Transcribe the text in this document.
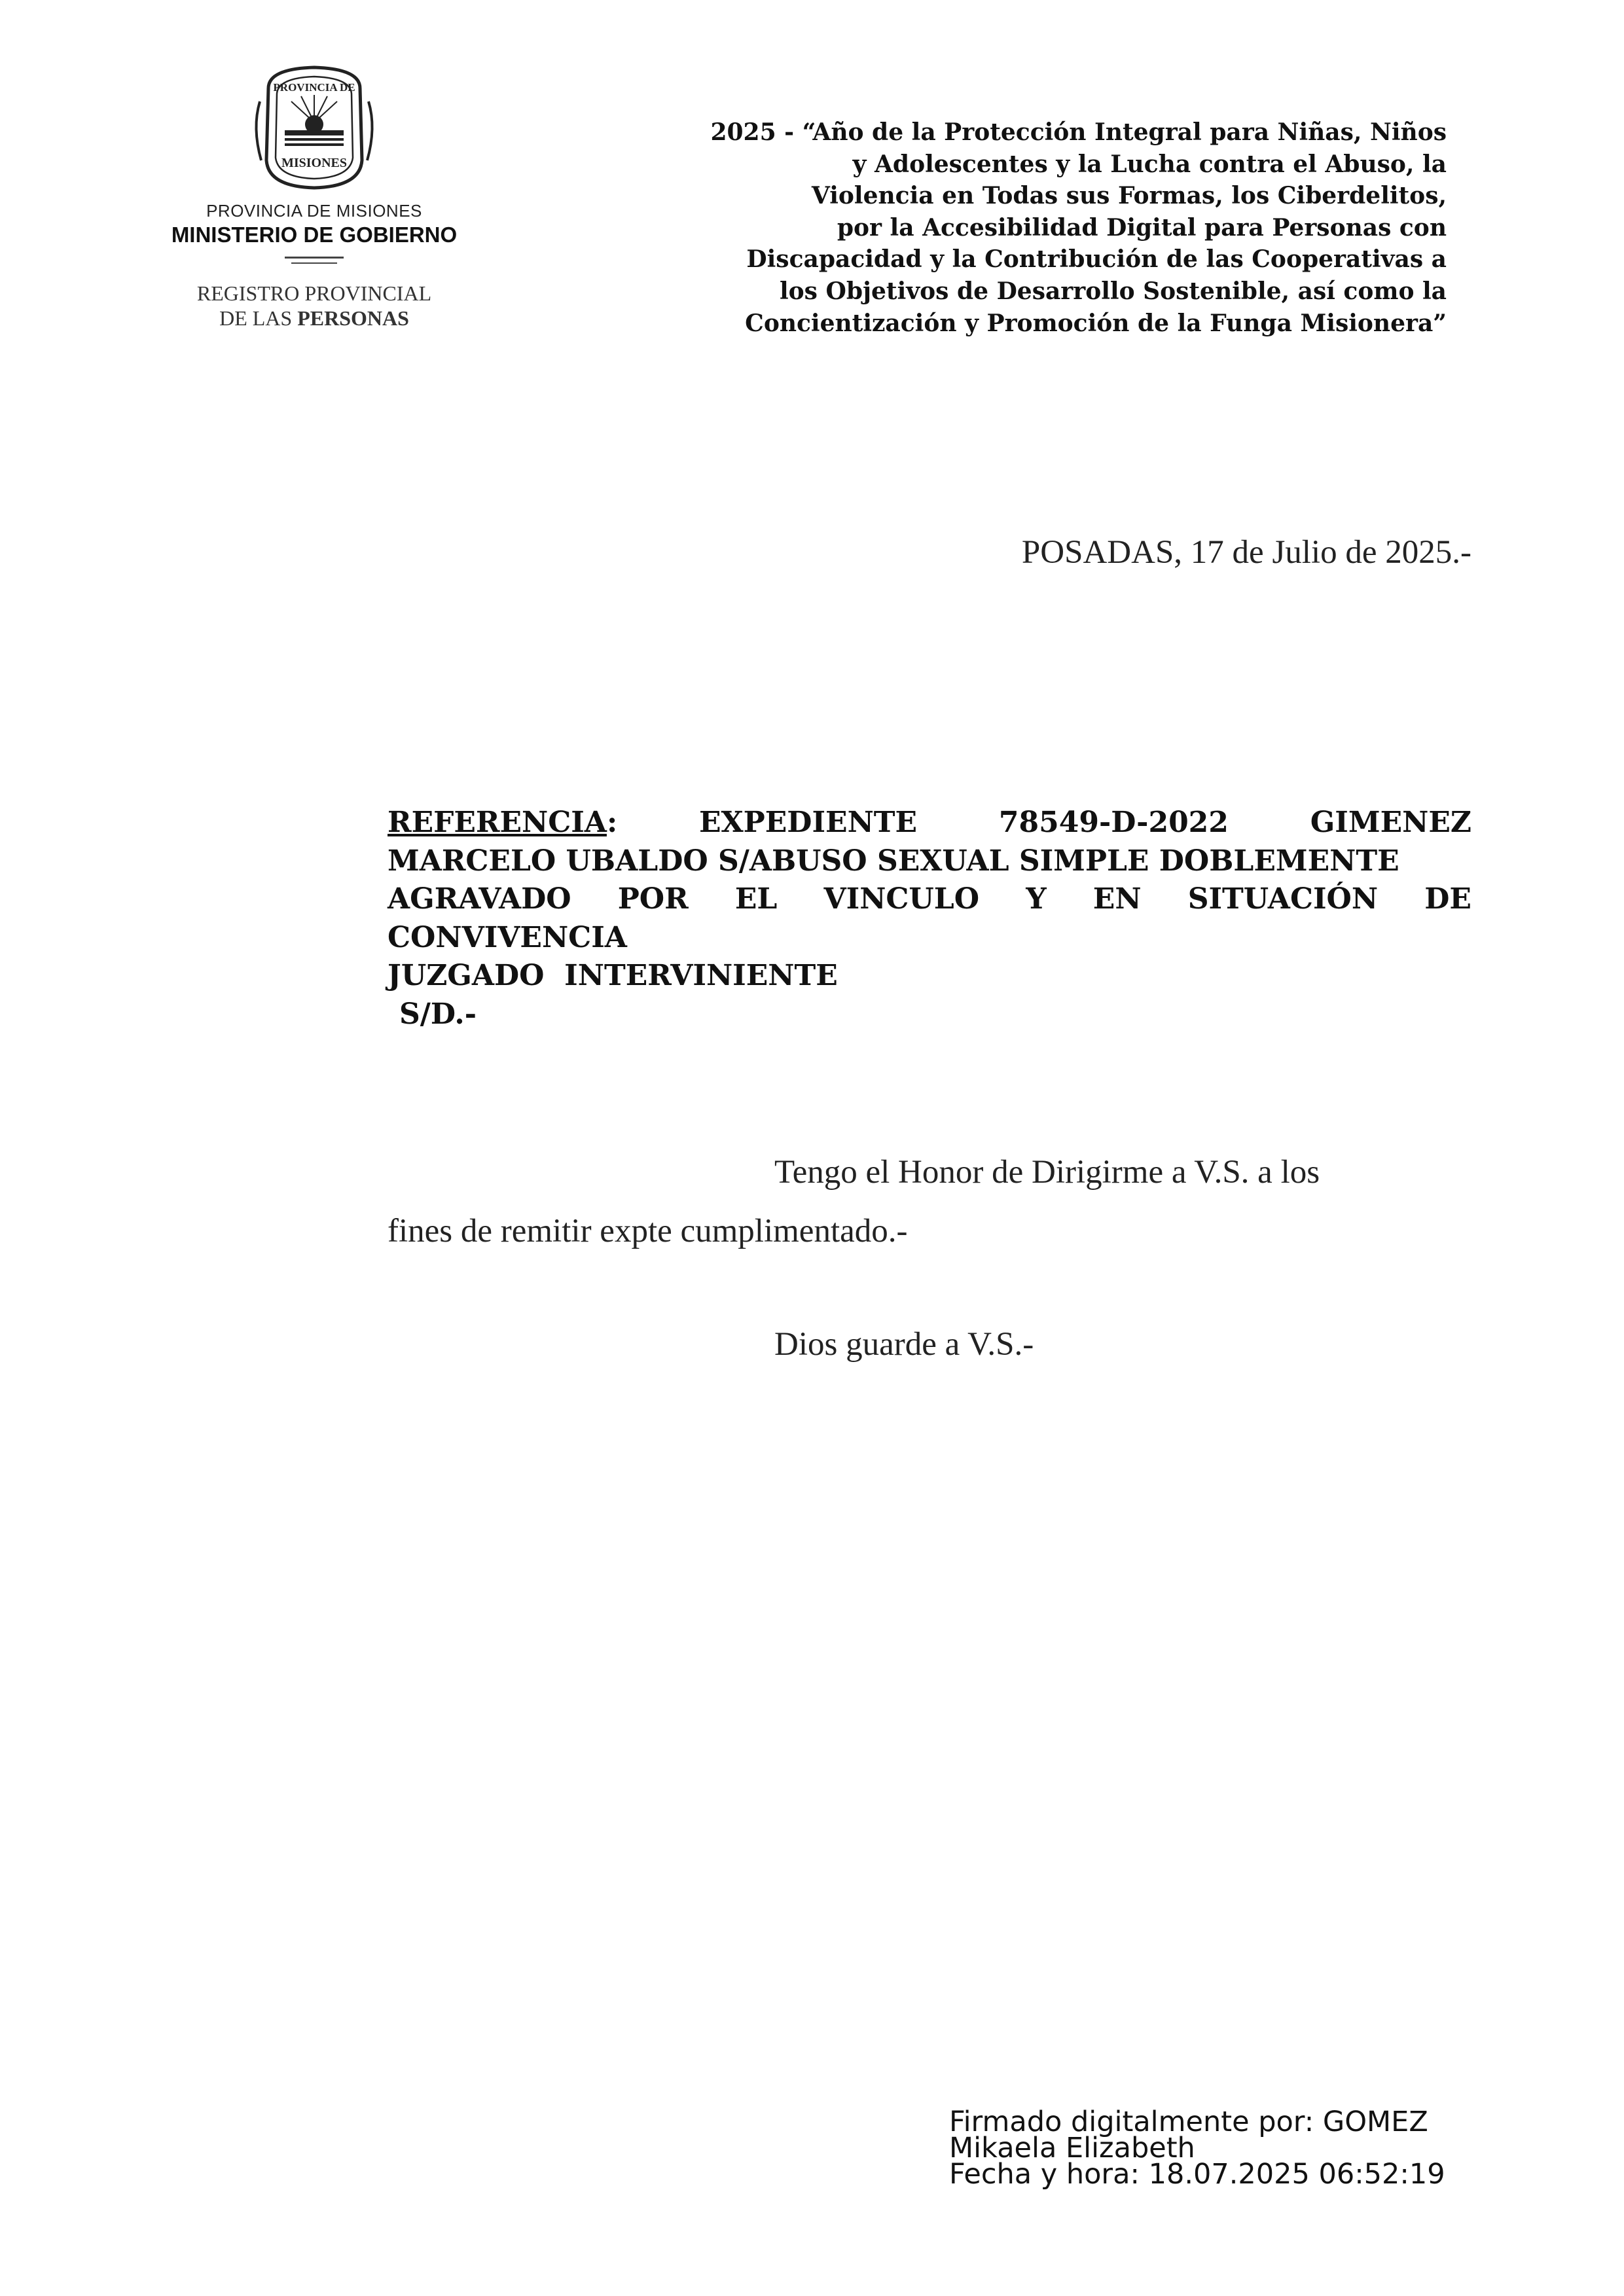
PROVINCIA DE
MISIONES
PROVINCIA DE MISIONES
MINISTERIO DE GOBIERNO
REGISTRO PROVINCIAL
DE LAS PERSONAS
2025 - “Año de la Protección Integral para Niñas, Niños
y Adolescentes y la Lucha contra el Abuso, la
Violencia en Todas sus Formas, los Ciberdelitos,
por la Accesibilidad Digital para Personas con
Discapacidad y la Contribución de las Cooperativas a
los Objetivos de Desarrollo Sostenible, así como la
Concientización y Promoción de la Funga Misionera”
POSADAS, 17 de Julio de 2025.-
REFERENCIA:	EXPEDIENTE	78549-D-2022	GIMENEZ
MARCELO UBALDO S/ABUSO SEXUAL SIMPLE DOBLEMENTE
AGRAVADO POR EL VINCULO Y EN SITUACIÓN DE
CONVIVENCIA
JUZGADO  INTERVINIENTE
S/D.-
Tengo el Honor de Dirigirme a V.S. a los
fines de remitir expte cumplimentado.-
Dios guarde a V.S.-
Firmado digitalmente por: GOMEZ
Mikaela Elizabeth
Fecha y hora: 18.07.2025 06:52:19
